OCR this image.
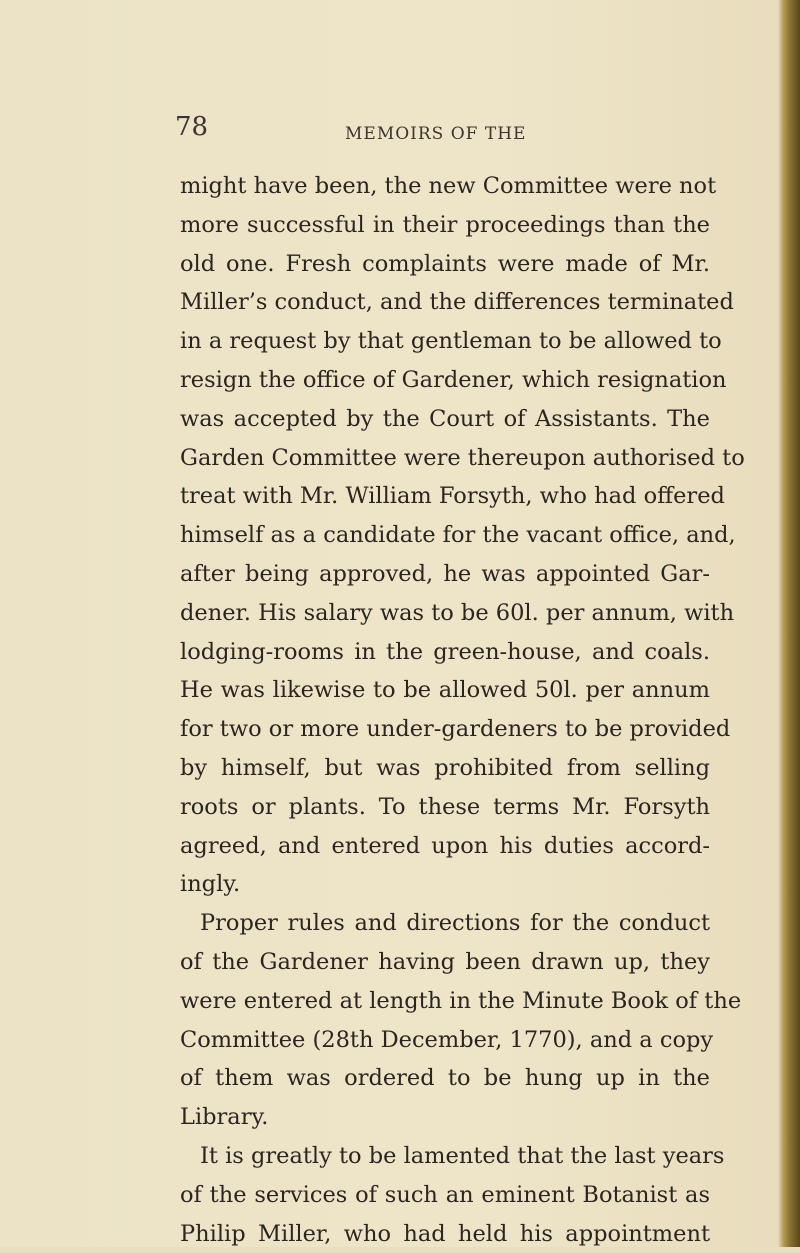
78	MEMOIRS OF THE
might have been, the new Committee were not
more successful in their proceedings than the
old one. Fresh complaints were made of Mr.
Miller’s conduct, and the differences terminated
in a request by that gentleman to be allowed to
resign the office of Gardener, which resignation
was accepted by the Court of Assistants. The
Garden Committee were thereupon authorised to
treat with Mr. William Forsyth, who had offered
himself as a candidate for the vacant office, and,
after being approved, he was appointed Gar-
dener. His salary was to be 60l. per annum, with
lodging-rooms in the green-house, and coals.
He was likewise to be allowed 50l. per annum
for two or more under-gardeners to be provided
by himself, but was prohibited from selling
roots or plants. To these terms Mr. Forsyth
agreed, and entered upon his duties accord-
ingly.
Proper rules and directions for the conduct
of the Gardener having been drawn up, they
were entered at length in the Minute Book of the
Committee (28th December, 1770), and a copy
of them was ordered to be hung up in the
Library.
It is greatly to be lamented that the last years
of the services of such an eminent Botanist as
Philip Miller, who had held his appointment
